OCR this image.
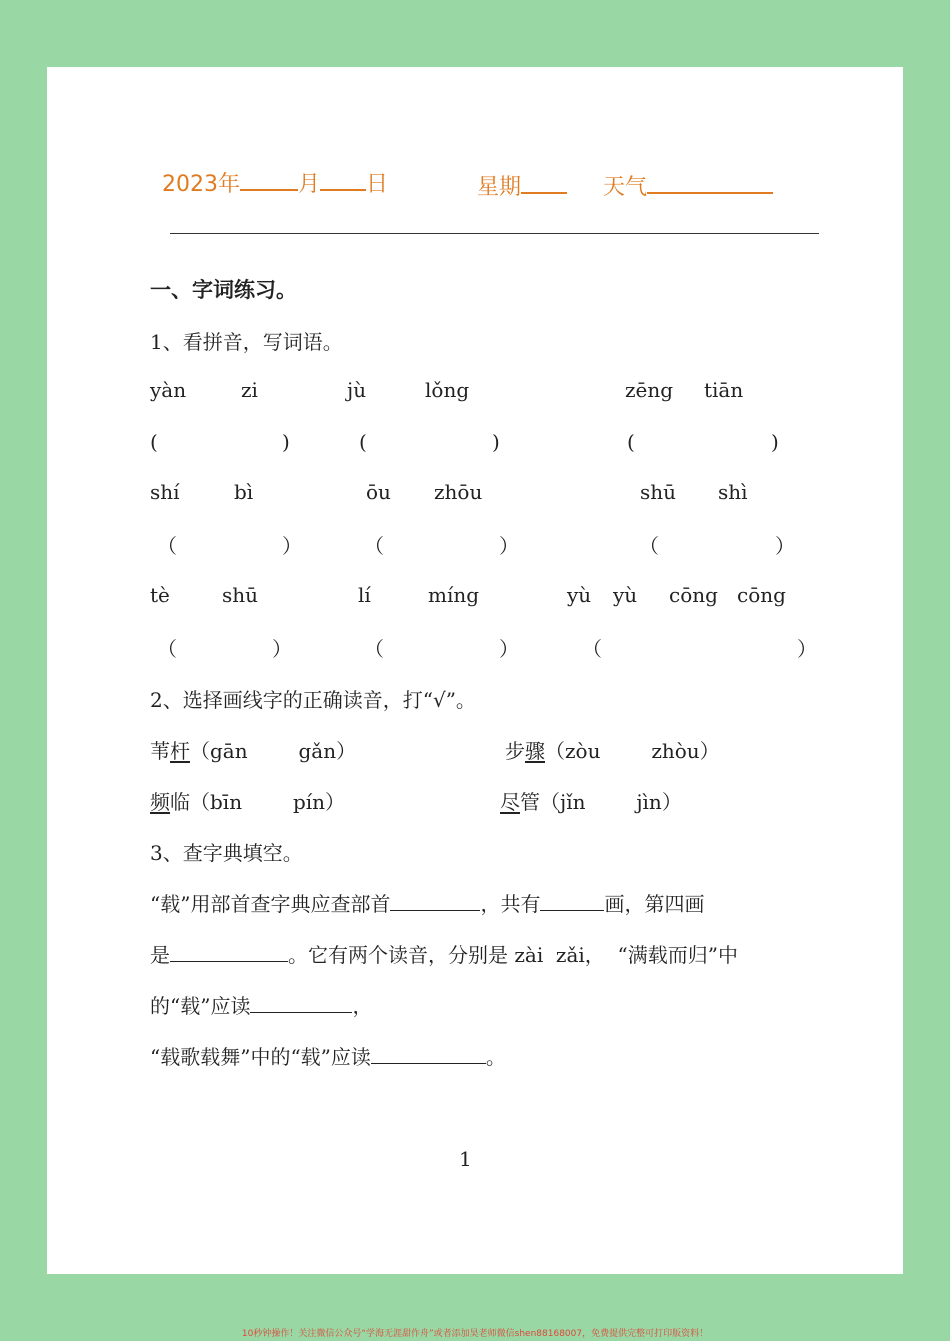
2023年	月 日	星期	天气
一、字词练习。
1、看拼音，写词语。
yàn	zi	jù	lǒng	zēng tiān
(	)	(	)	(	)
shí	bì	ōu zhōu	shū shì
（	）	（	）	（	）
tè	shū	lí	míng	yù yù cōng cōng
（	）	（	）	（	）
2、选择画线字的正确读音，打“√”。
苇杆（gān        gǎn）	步骤（zòu        zhòu）
频临（bīn        pín）	尽管（jǐn        jìn）
3、查字典填空。
“载”用部首查字典应查部首	，共有	画，第四画
是	。它有两个读音，分别是 zài  zǎi，  “满载而归”中
的“载”应读	，
“载歌载舞”中的“载”应读	。
1
10秒钟操作！关注微信公众号“学海无涯甜作舟”或者添加昊老师微信shen88168007，免费提供完整可打印版资料！
